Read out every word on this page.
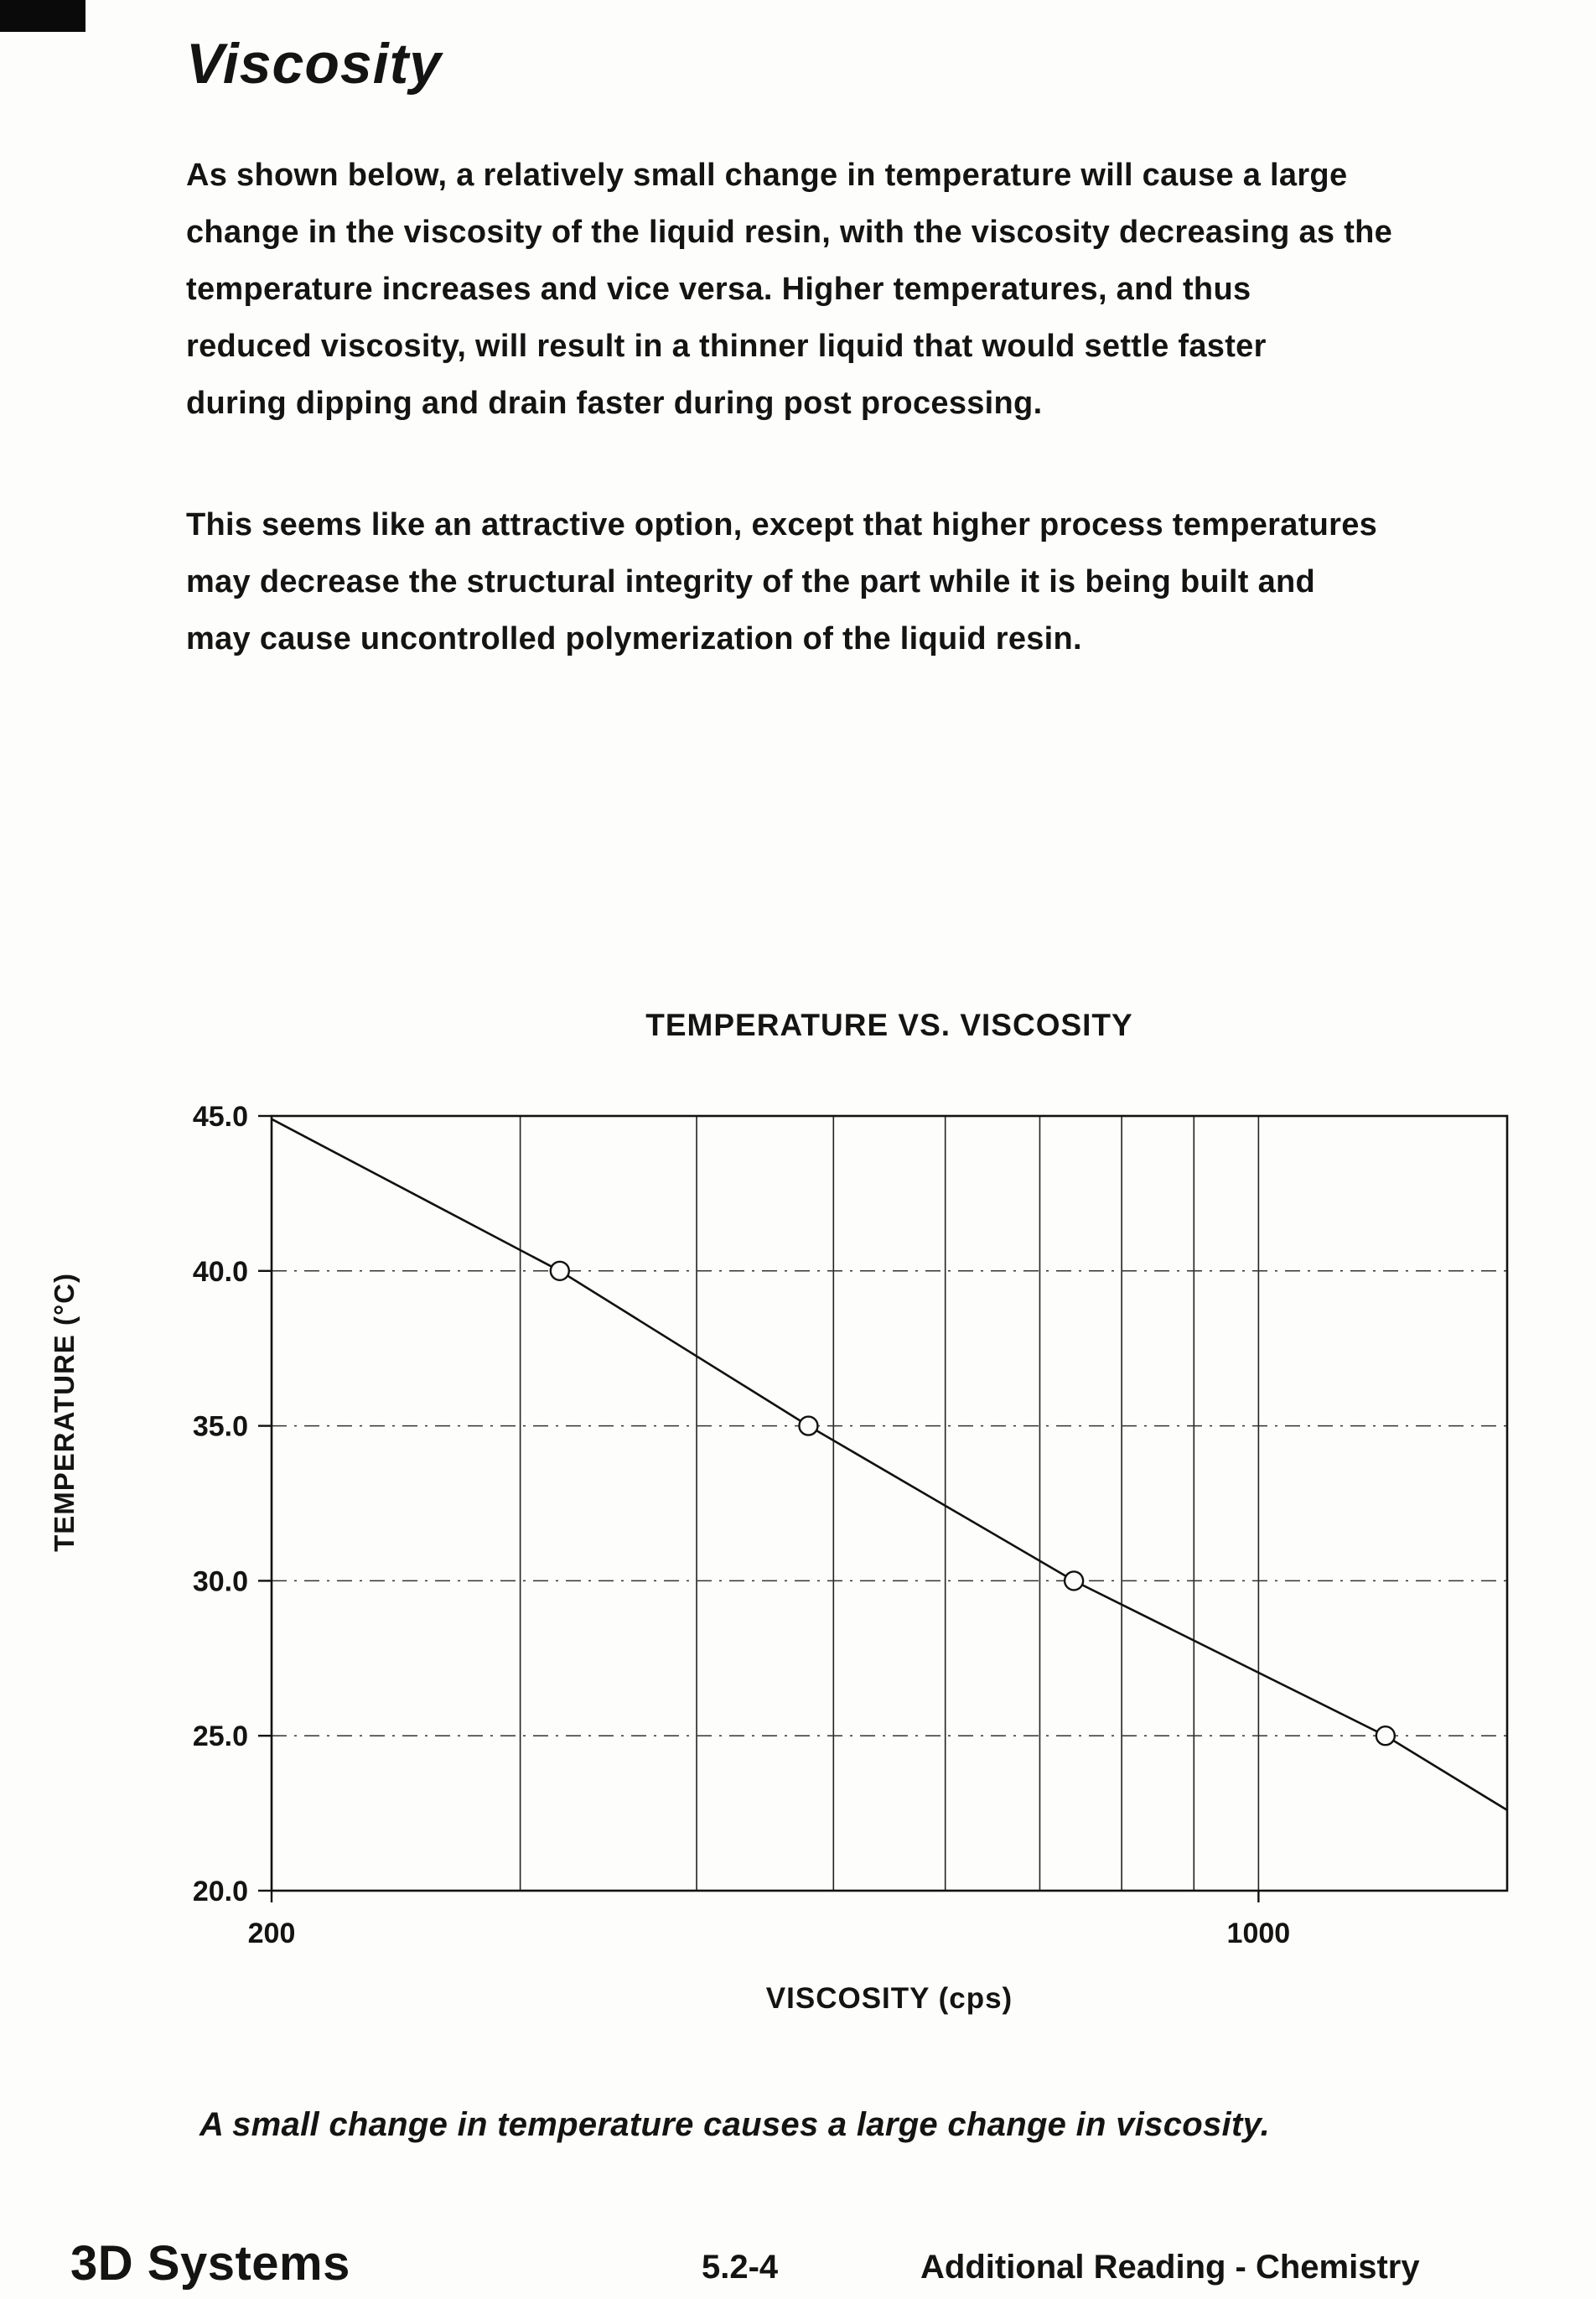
Viscosity

As shown below, a relatively small change in temperature will cause a large
change in the viscosity of the liquid resin, with the viscosity decreasing as the
temperature increases and vice versa. Higher temperatures, and thus
reduced viscosity, will result in a thinner liquid that would settle faster
during dipping and drain faster during post processing.

This seems like an attractive option, except that higher process temperatures
may decrease the structural integrity of the part while it is being built and
may cause uncontrolled polymerization of the liquid resin.

TEMPERATURE VS. VISCOSITY
TEMPERATURE (°C)
20.0
25.0
30.0
35.0
40.0
45.0
200	1000
VISCOSITY (cps)

A small change in temperature causes a large change in viscosity.

3D Systems	5.2-4	Additional Reading - Chemistry
